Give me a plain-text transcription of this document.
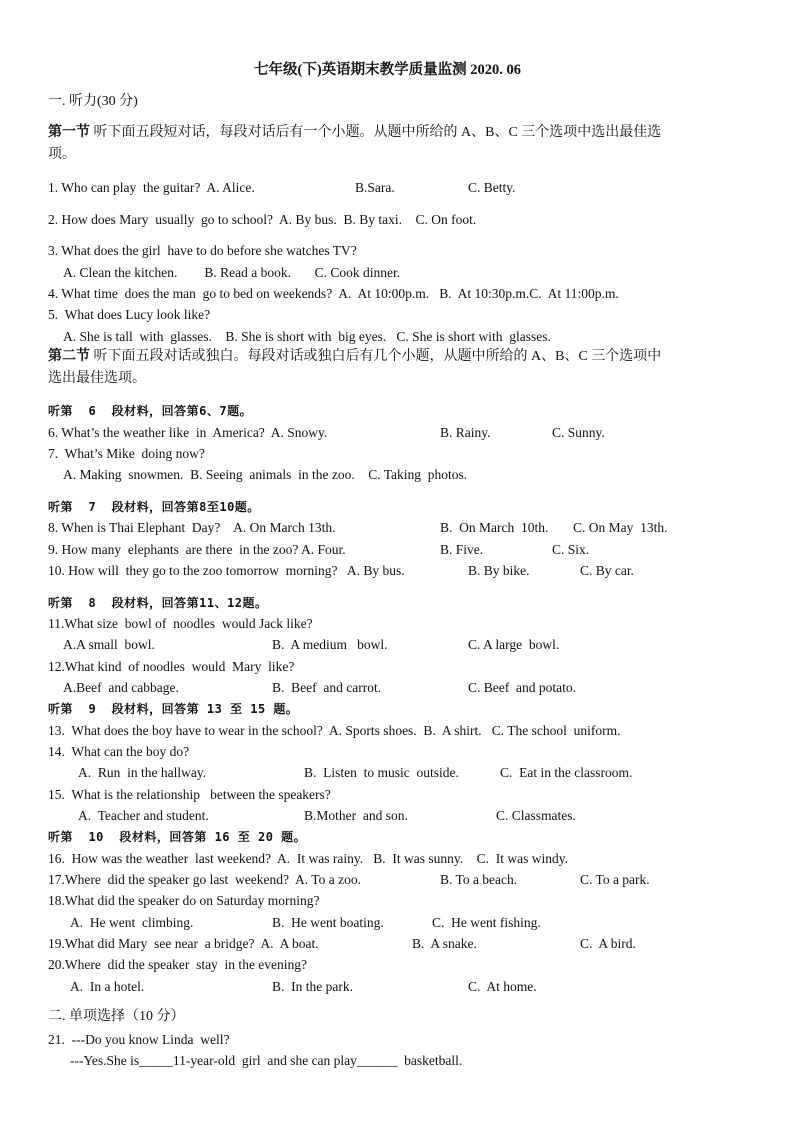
七年级(下)英语期末教学质量监测 2020. 06
一. 听力(30 分)
第一节 听下面五段短对话，每段对话后有一个小题。从题中所给的 A、B、C 三个选项中选出最佳选
项。
1. Who can play  the guitar?  A. Alice.	B.Sara.	C. Betty.
2. How does Mary  usually  go to school?  A. By bus.  B. By taxi.    C. On foot.
3. What does the girl  have to do before she watches TV?
A. Clean the kitchen.        B. Read a book.       C. Cook dinner.
4. What time  does the man  go to bed on weekends?  A.  At 10:00p.m.   B.  At 10:30p.m.C.  At 11:00p.m.
5.  What does Lucy look like?
A. She is tall  with  glasses.    B. She is short with  big eyes.   C. She is short with  glasses.
第二节 听下面五段对话或独白。每段对话或独白后有几个小题，从题中所给的 A、B、C 三个选项中
选出最佳选项。
听第  6  段材料，回答第6、7题。
6. What’s the weather like  in  America?  A. Snowy.	B. Rainy.	C. Sunny.
7.  What’s Mike  doing now?
A. Making  snowmen.  B. Seeing  animals  in the zoo.    C. Taking  photos.
听第  7  段材料，回答第8至10题。
8. When is Thai Elephant  Day?    A. On March 13th.	B.  On March  10th. C. On May  13th.
9. How many  elephants  are there  in the zoo? A. Four.	B. Five.	C. Six.
10. How will  they go to the zoo tomorrow  morning?   A. By bus.	B. By bike.	C. By car.
听第  8  段材料，回答第11、12题。
11.What size  bowl of  noodles  would Jack like?
A.A small  bowl.	B.  A medium   bowl.	C. A large  bowl.
12.What kind  of noodles  would  Mary  like?
A.Beef  and cabbage.	B.  Beef  and carrot.	C. Beef  and potato.
听第  9  段材料，回答第 13 至 15 题。
13.  What does the boy have to wear in the school?  A. Sports shoes.  B.  A shirt.   C. The school  uniform.
14.  What can the boy do?
A.  Run  in the hallway.	B.  Listen  to music  outside.	C.  Eat in the classroom.
15.  What is the relationship   between the speakers?
A.  Teacher and student.	B.Mother  and son.	C. Classmates.
听第  10  段材料，回答第 16 至 20 题。
16.  How was the weather  last weekend?  A.  It was rainy.   B.  It was sunny.    C.  It was windy.
17.Where  did the speaker go last  weekend?  A. To a zoo.	B. To a beach.	C. To a park.
18.What did the speaker do on Saturday morning?
A.  He went  climbing.	B.  He went boating.	C.  He went fishing.
19.What did Mary  see near  a bridge?  A.  A boat.	B.  A snake.	C.  A bird.
20.Where  did the speaker  stay  in the evening?
A.  In a hotel.	B.  In the park.	C.  At home.
二. 单项选择（10 分）
21.  ---Do you know Linda  well?
---Yes.She is_____11-year-old  girl  and she can play______  basketball.
